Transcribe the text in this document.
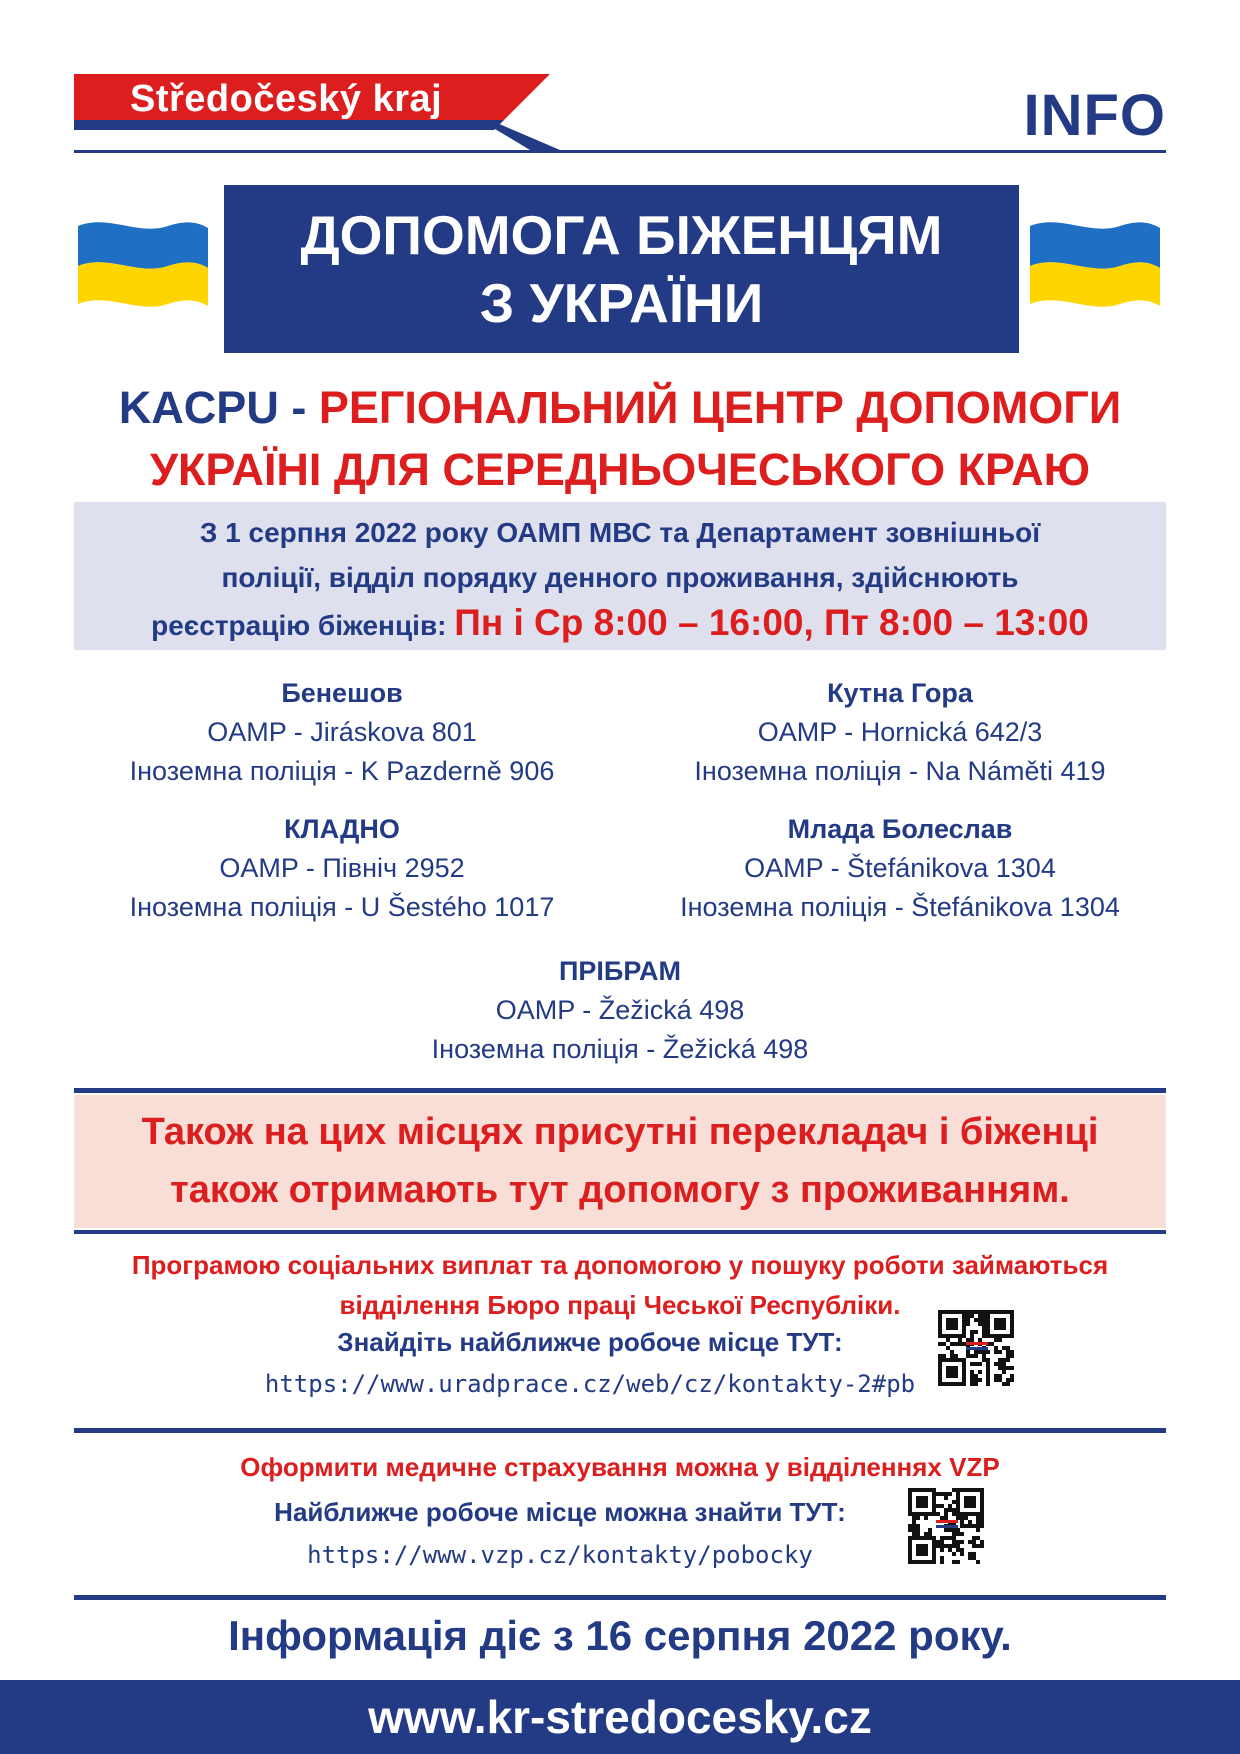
Středočeský kraj	INFO
ДОПОМОГА БІЖЕНЦЯМ
З УКРАЇНИ
KACPU - РЕГІОНАЛЬНИЙ ЦЕНТР ДОПОМОГИ
УКРАЇНІ ДЛЯ СЕРЕДНЬОЧЕСЬКОГО КРАЮ
З 1 серпня 2022 року ОАМП МВС та Департамент зовнішньої
поліції, відділ порядку денного проживання, здійснюють
реєстрацію біженців: Пн і Ср 8:00 – 16:00, Пт 8:00 – 13:00
Бенешов
OAMP - Jiráskova 801
Іноземна поліція - K Pazderně 906
Кутна Гора
OAMP - Hornická 642/3
Іноземна поліція - Na Náměti 419
КЛАДНО
OAMP - Північ 2952
Іноземна поліція - U Šestého 1017
Млада Болеслав
OAMP - Štefánikova 1304
Іноземна поліція - Štefánikova 1304
ПРІБРАМ
OAMP - Žežická 498
Іноземна поліція - Žežická 498
Також на цих місцях присутні перекладач і біженці
також отримають тут допомогу з проживанням.
Програмою соціальних виплат та допомогою у пошуку роботи займаються
відділення Бюро праці Чеської Республіки.
Знайдіть найближче робоче місце ТУТ:
https://www.uradprace.cz/web/cz/kontakty-2#pb
Оформити медичне страхування можна у відділеннях VZP
Найближче робоче місце можна знайти ТУТ:
https://www.vzp.cz/kontakty/pobocky
Інформація діє з 16 серпня 2022 року.
www.kr-stredocesky.cz
